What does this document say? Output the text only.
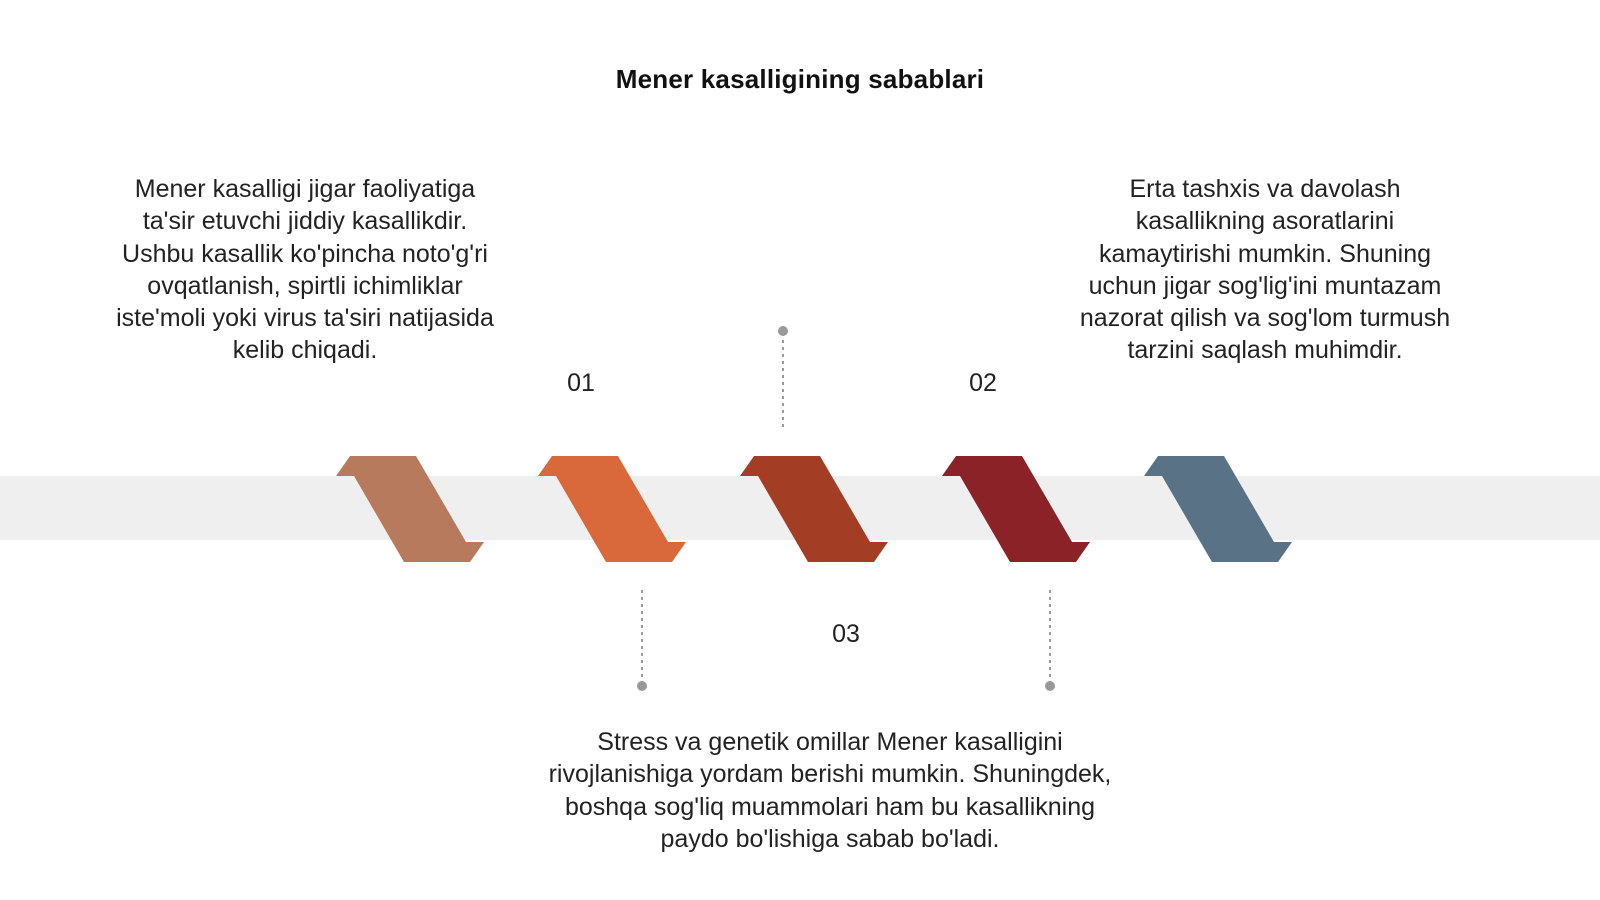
Mener kasalligining sabablari
Mener kasalligi jigar faoliyatiga
ta'sir etuvchi jiddiy kasallikdir.
Ushbu kasallik ko'pincha noto'g'ri
ovqatlanish, spirtli ichimliklar
iste'moli yoki virus ta'siri natijasida
kelib chiqadi.
Erta tashxis va davolash
kasallikning asoratlarini
kamaytirishi mumkin. Shuning
uchun jigar sog'lig'ini muntazam
nazorat qilish va sog'lom turmush
tarzini saqlash muhimdir.
Stress va genetik omillar Mener kasalligini
rivojlanishiga yordam berishi mumkin. Shuningdek,
boshqa sog'liq muammolari ham bu kasallikning
paydo bo'lishiga sabab bo'ladi.
01	02
03
